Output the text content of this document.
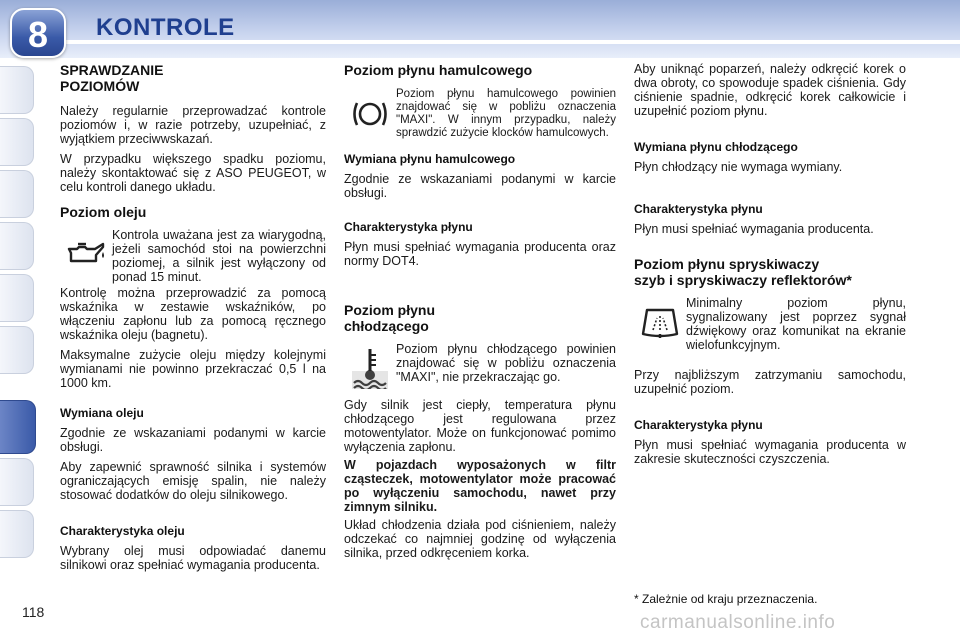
8	KONTROLE
SPRAWDZANIE
POZIOMÓW
Należy regularnie przeprowadzać kontrole poziomów i, w razie potrzeby, uzupełniać, z wyjątkiem przeciwwskazań.
W przypadku większego spadku poziomu, należy skontaktować się z ASO PEUGEOT, w celu kontroli danego układu.
Poziom oleju
Kontrola uważana jest za wiarygodną, jeżeli samochód stoi na powierzchni poziomej, a silnik jest wyłączony od ponad 15 minut.
Kontrolę można przeprowadzić za pomocą wskaźnika w zestawie wskaźników, po włączeniu zapłonu lub za pomocą ręcznego wskaźnika oleju (bagnetu).
Maksymalne zużycie oleju między kolejnymi wymianami nie powinno przekraczać 0,5 l na 1000 km.
Wymiana oleju
Zgodnie ze wskazaniami podanymi w karcie obsługi.
Aby zapewnić sprawność silnika i systemów ograniczających emisję spalin, nie należy stosować dodatków do oleju silnikowego.
Charakterystyka oleju
Wybrany olej musi odpowiadać danemu silnikowi oraz spełniać wymagania producenta.
Poziom płynu hamulcowego
Poziom płynu hamulcowego powinien znajdować się w pobliżu oznaczenia "MAXI". W innym przypadku, należy sprawdzić zużycie klocków hamulcowych.
Wymiana płynu hamulcowego
Zgodnie ze wskazaniami podanymi w karcie obsługi.
Charakterystyka płynu
Płyn musi spełniać wymagania producenta oraz normy DOT4.
Poziom płynu
chłodzącego
Poziom płynu chłodzącego powinien znajdować się w pobliżu oznaczenia "MAXI", nie przekraczając go.
Gdy silnik jest ciepły, temperatura płynu chłodzącego jest regulowana przez motowentylator. Może on funkcjonować pomimo wyłączenia zapłonu.
W pojazdach wyposażonych w filtr cząsteczek, motowentylator może pracować po wyłączeniu samochodu, nawet przy zimnym silniku.
Układ chłodzenia działa pod ciśnieniem, należy odczekać co najmniej godzinę od wyłączenia silnika, przed odkręceniem korka.
Aby uniknąć poparzeń, należy odkręcić korek o dwa obroty, co spowoduje spadek ciśnienia. Gdy ciśnienie spadnie, odkręcić korek całkowicie i uzupełnić poziom płynu.
Wymiana płynu chłodzącego
Płyn chłodzący nie wymaga wymiany.
Charakterystyka płynu
Płyn musi spełniać wymagania producenta.
Poziom płynu spryskiwaczy
szyb i spryskiwaczy reflektorów*
Minimalny poziom płynu, sygnalizowany jest poprzez sygnał dźwiękowy oraz komunikat na ekranie wielofunkcyjnym.
Przy najbliższym zatrzymaniu samochodu, uzupełnić poziom.
Charakterystyka płynu
Płyn musi spełniać wymagania producenta w zakresie skuteczności czyszczenia.
118
* Zależnie od kraju przeznaczenia.
carmanualsonline.info
